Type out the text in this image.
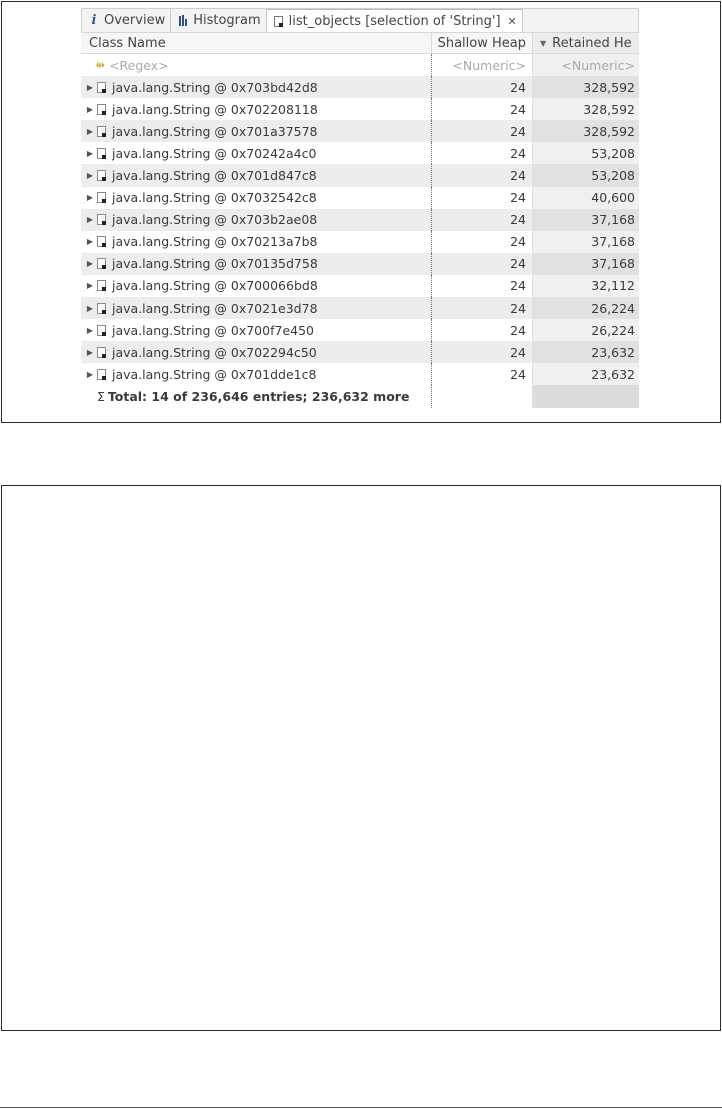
i Overview Histogram list_objects [selection of 'String'] ✕
Class Name	Shallow Heap	▼ Retained He
⇻ <Regex>	<Numeric>	<Numeric>
▶	java.lang.String @ 0x703bd42d8	24	328,592
▶	java.lang.String @ 0x702208118	24	328,592
▶	java.lang.String @ 0x701a37578	24	328,592
▶	java.lang.String @ 0x70242a4c0	24	53,208
▶	java.lang.String @ 0x701d847c8	24	53,208
▶	java.lang.String @ 0x7032542c8	24	40,600
▶	java.lang.String @ 0x703b2ae08	24	37,168
▶	java.lang.String @ 0x70213a7b8	24	37,168
▶	java.lang.String @ 0x70135d758	24	37,168
▶	java.lang.String @ 0x700066bd8	24	32,112
▶	java.lang.String @ 0x7021e3d78	24	26,224
▶	java.lang.String @ 0x700f7e450	24	26,224
▶	java.lang.String @ 0x702294c50	24	23,632
▶	java.lang.String @ 0x701dde1c8	24	23,632
Σ Total: 14 of 236,646 entries; 236,632 more
